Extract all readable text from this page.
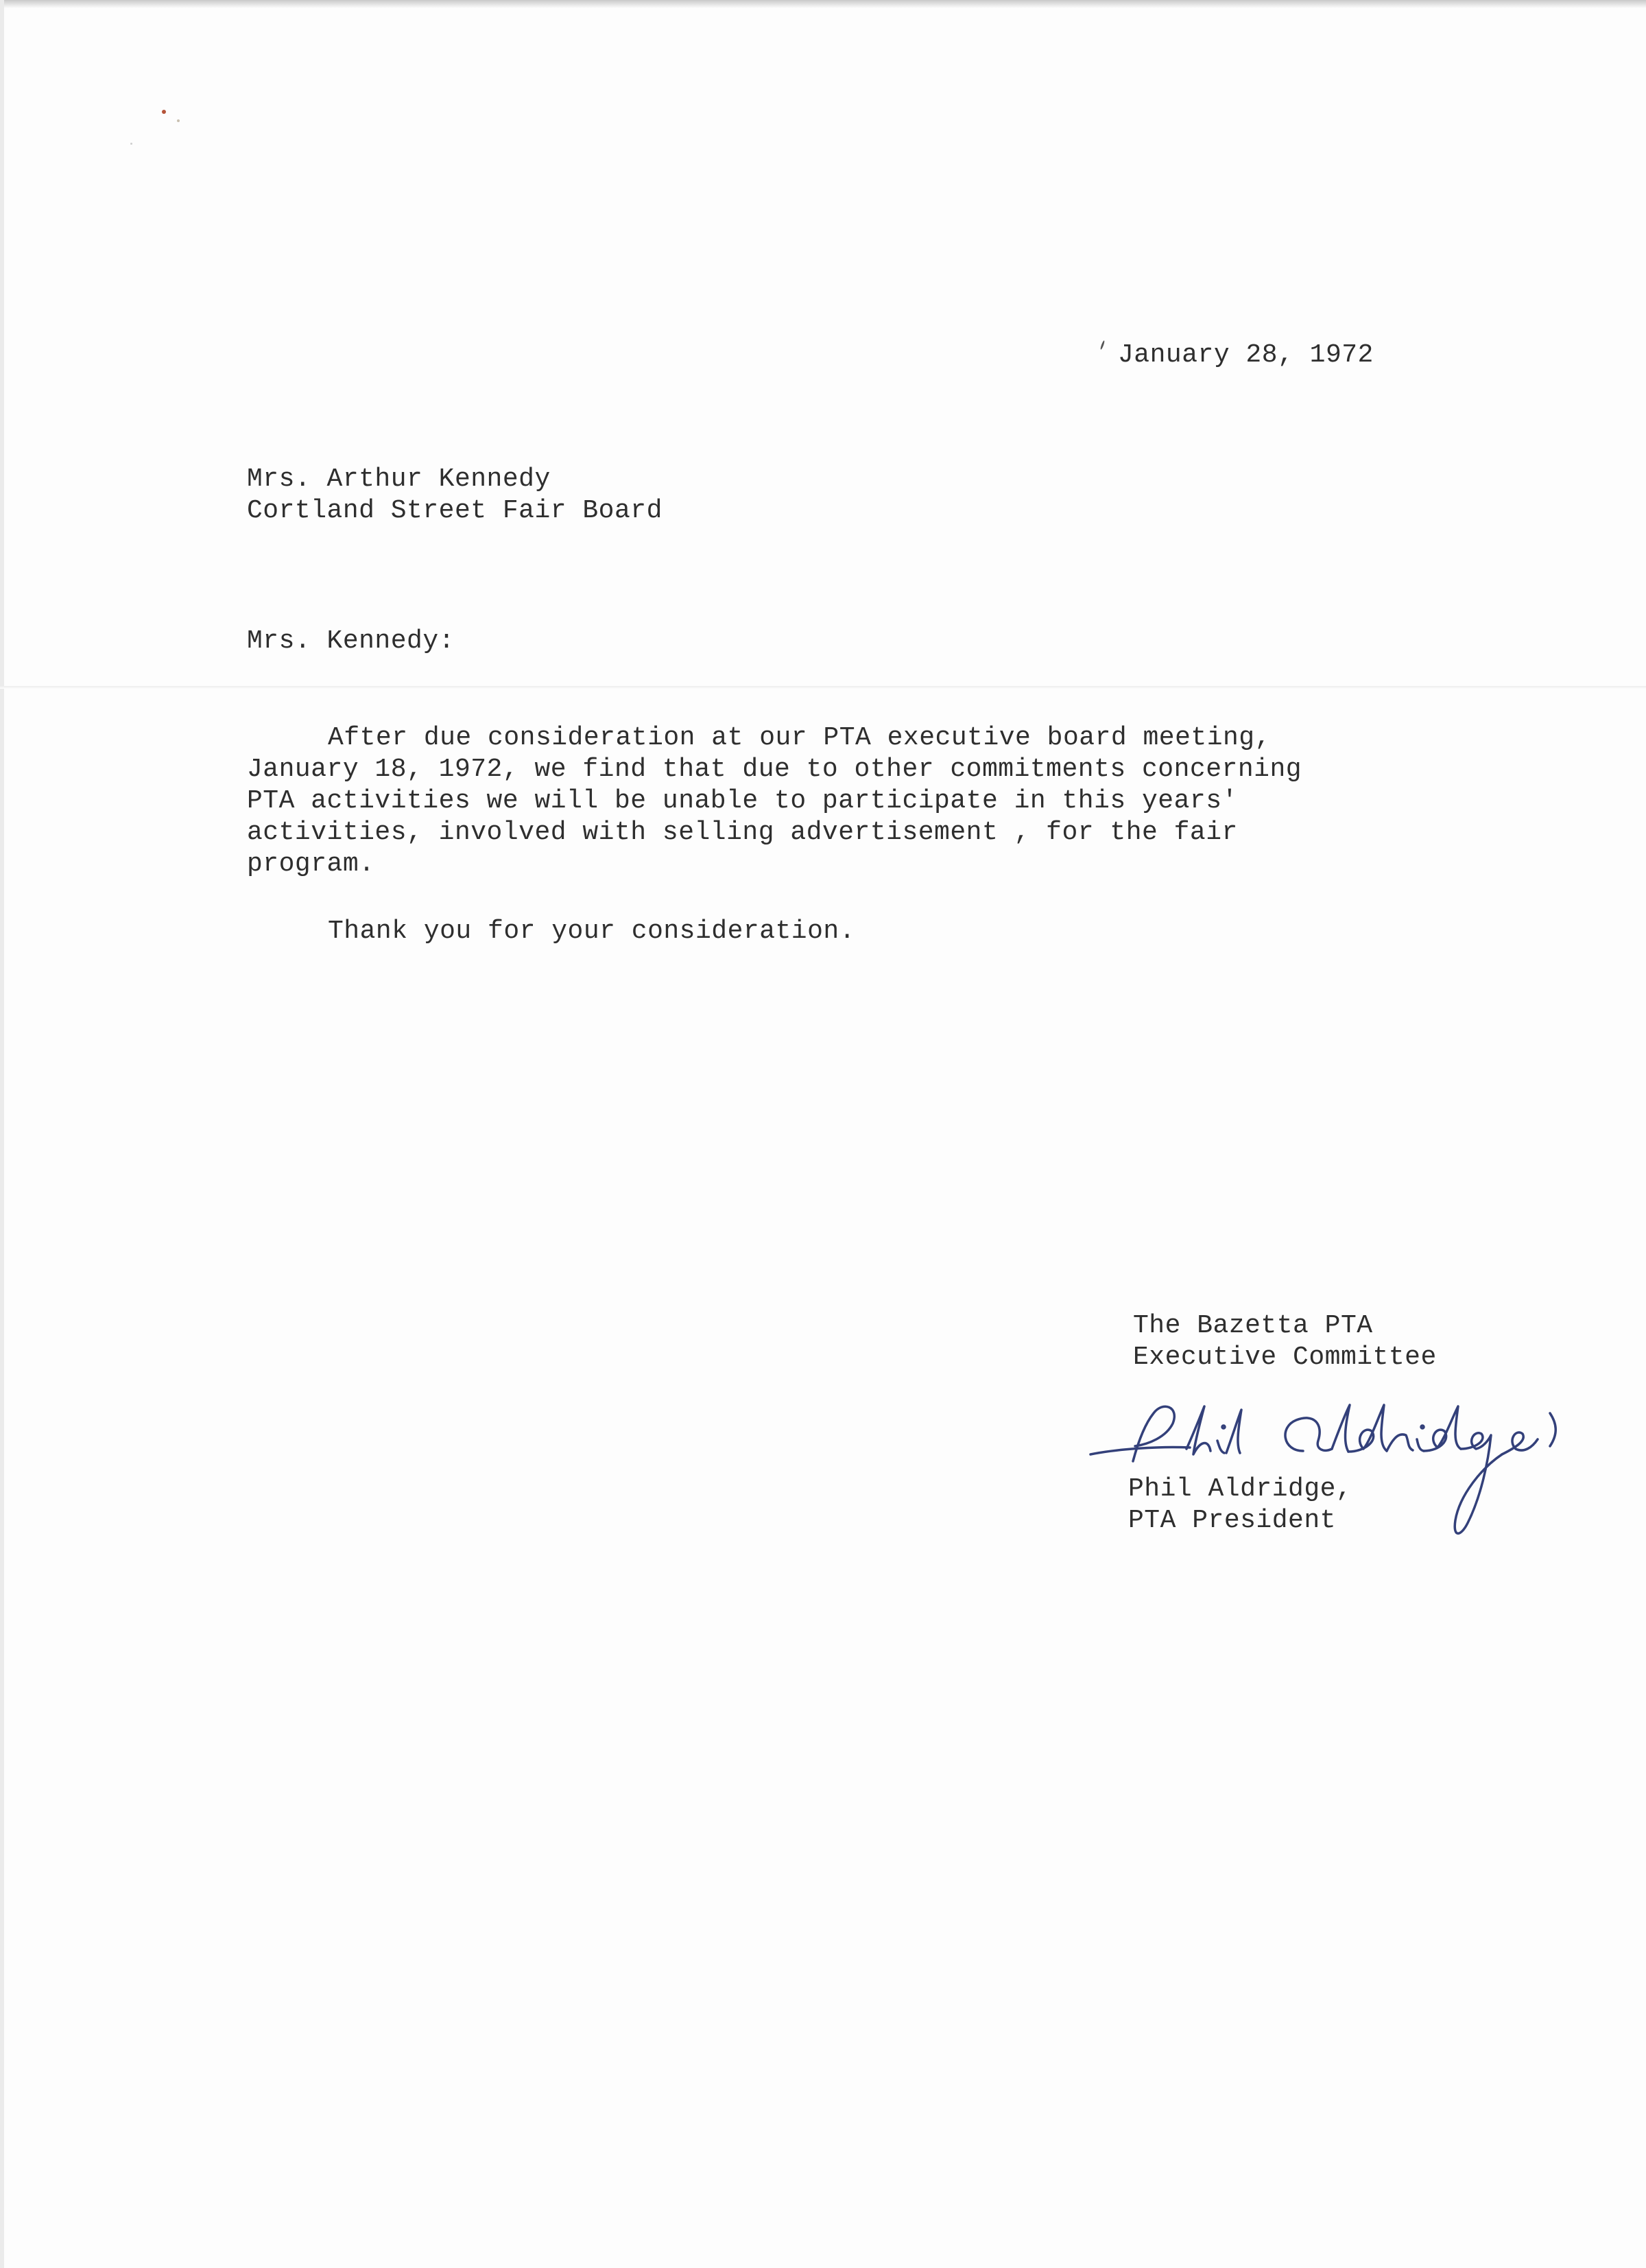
January 28, 1972

Mrs. Arthur Kennedy

Cortland Street Fair Board

Mrs. Kennedy:

After due consideration at our PTA executive board meeting,

January 18, 1972, we find that due to other commitments concerning

PTA activities we will be unable to participate in this years'

activities, involved with selling advertisement , for the fair

program.

Thank you for your consideration.

The Bazetta PTA

Executive Committee

Phil Aldridge,

PTA President
